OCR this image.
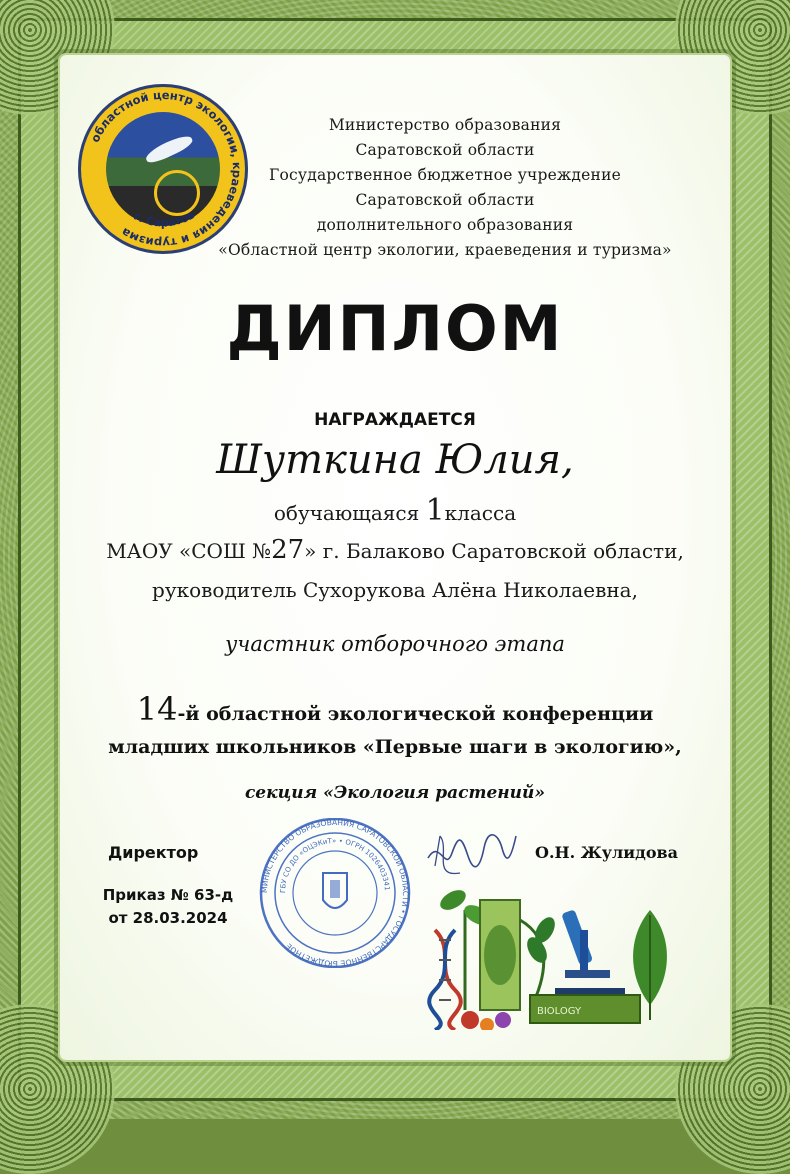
областной центр экологии, краеведения и туризма
г. Саратов
Министерство образования
Саратовской области
Государственное бюджетное учреждение
Саратовской области
дополнительного образования
«Областной центр экологии, краеведения и туризма»
ДИПЛОМ
НАГРАЖДАЕТСЯ
Шуткина Юлия,
обучающаяся 1класса
МАОУ «СОШ №27» г. Балаково Саратовской области,
руководитель Сухорукова Алёна Николаевна,
участник отборочного этапа
14-й областной экологической конференции
младших школьников «Первые шаги в экологию»,
секция «Экология растений»
Директор
Приказ № 63-д
от 28.03.2024
О.Н. Жулидова
МИНИСТЕРСТВО ОБРАЗОВАНИЯ САРАТОВСКОЙ ОБЛАСТИ • ГОСУДАРСТВЕННОЕ БЮДЖЕТНОЕ
ГБУ СО ДО «ОЦЭКиТ» • ОГРН 1026403341
BIOLOGY
